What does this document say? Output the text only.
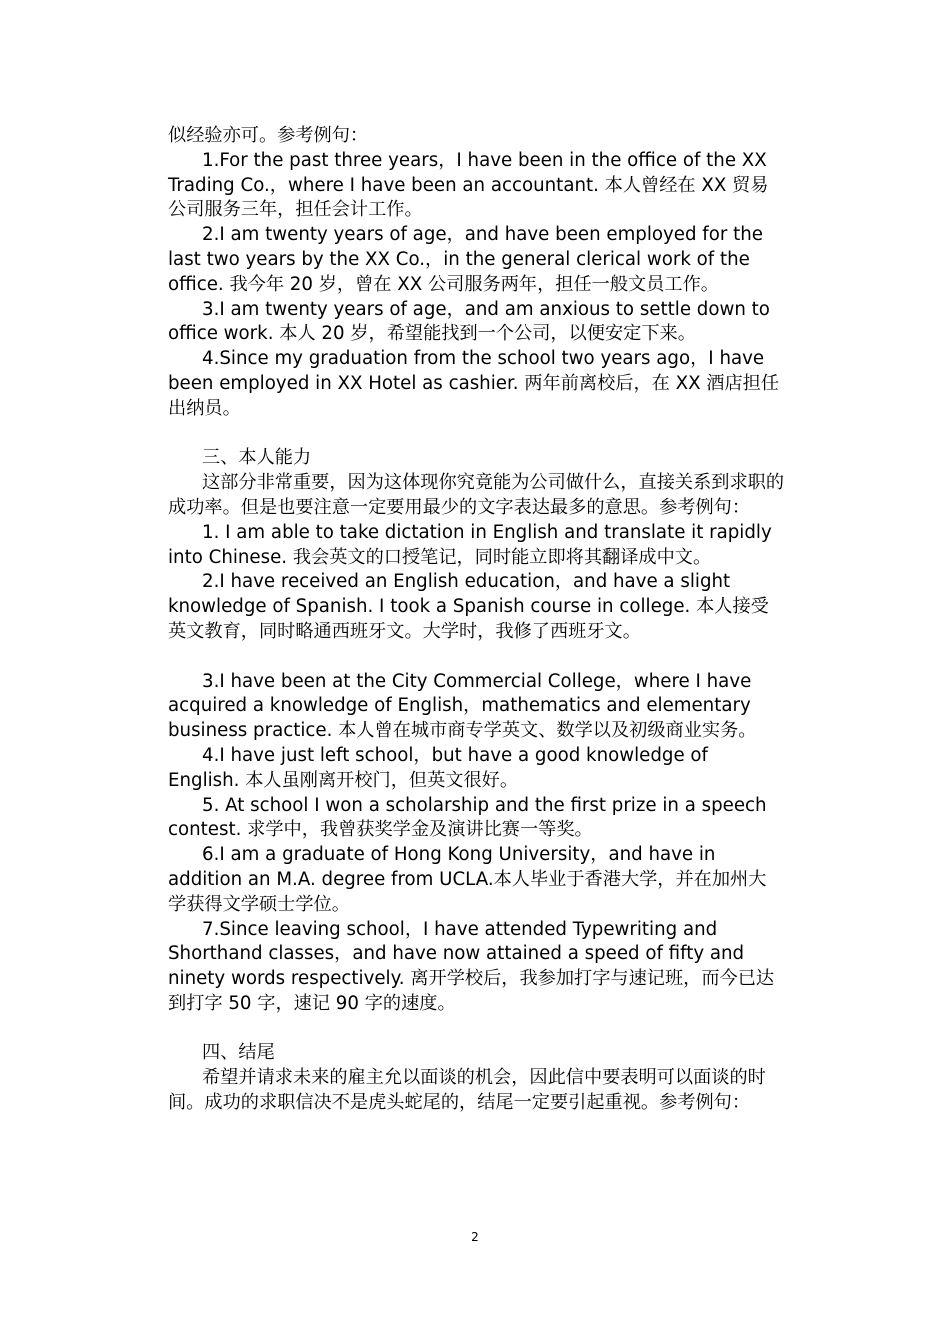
似经验亦可。参考例句：

1.For the past three years，I have been in the office of the XX Trading Co.，where I have been an accountant. 本人曾经在 XX 贸易公司服务三年，担任会计工作。

2.I am twenty years of age，and have been employed for the last two years by the XX Co.，in the general clerical work of the office. 我今年 20 岁，曾在 XX 公司服务两年，担任一般文员工作。

3.I am twenty years of age，and am anxious to settle down to office work. 本人 20 岁，希望能找到一个公司，以便安定下来。

4.Since my graduation from the school two years ago，I have been employed in XX Hotel as cashier. 两年前离校后，在 XX 酒店担任出纳员。

三、本人能力

这部分非常重要，因为这体现你究竟能为公司做什么，直接关系到求职的成功率。但是也要注意一定要用最少的文字表达最多的意思。参考例句：

1. I am able to take dictation in English and translate it rapidly into Chinese. 我会英文的口授笔记，同时能立即将其翻译成中文。

2.I have received an English education，and have a slight knowledge of Spanish. I took a Spanish course in college. 本人接受英文教育，同时略通西班牙文。大学时，我修了西班牙文。

3.I have been at the City Commercial College，where I have acquired a knowledge of English，mathematics and elementary business practice. 本人曾在城市商专学英文、数学以及初级商业实务。

4.I have just left school，but have a good knowledge of English. 本人虽刚离开校门，但英文很好。

5. At school I won a scholarship and the first prize in a speech contest. 求学中，我曾获奖学金及演讲比赛一等奖。

6.I am a graduate of Hong Kong University，and have in addition an M.A. degree from UCLA.本人毕业于香港大学，并在加州大学获得文学硕士学位。

7.Since leaving school，I have attended Typewriting and Shorthand classes，and have now attained a speed of fifty and ninety words respectively. 离开学校后，我参加打字与速记班，而今已达到打字 50 字，速记 90 字的速度。

四、结尾

希望并请求未来的雇主允以面谈的机会，因此信中要表明可以面谈的时间。成功的求职信决不是虎头蛇尾的，结尾一定要引起重视。参考例句：

2
